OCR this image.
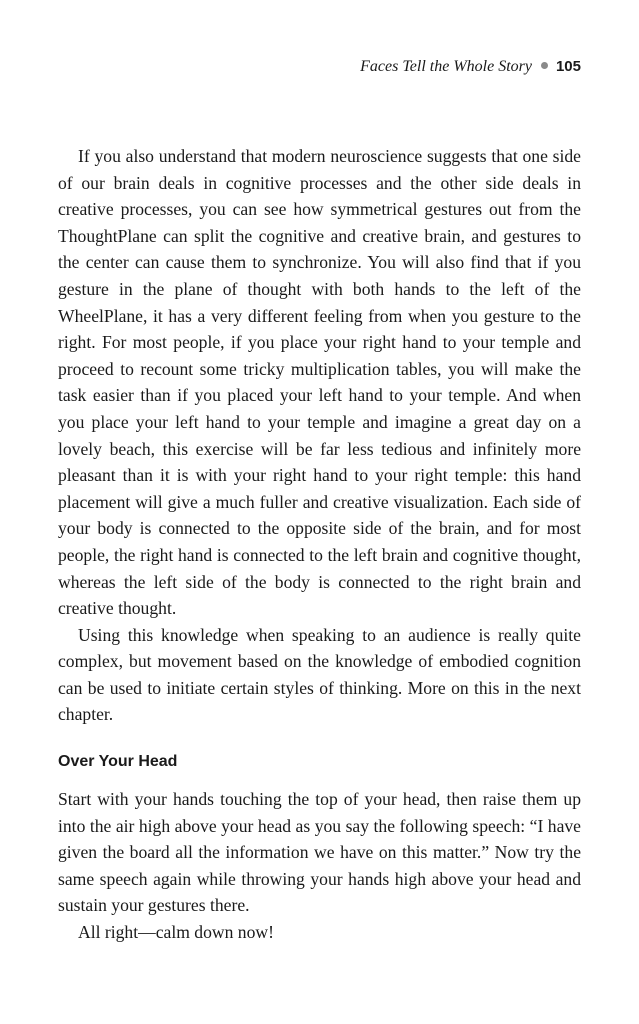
Faces Tell the Whole Story 105

If you also understand that modern neuroscience suggests that one side of our brain deals in cognitive processes and the other side deals in creative processes, you can see how symmetrical gestures out from the ThoughtPlane can split the cognitive and creative brain, and gestures to the center can cause them to synchronize. You will also find that if you gesture in the plane of thought with both hands to the left of the WheelPlane, it has a very different feeling from when you gesture to the right. For most people, if you place your right hand to your temple and proceed to recount some tricky multiplication tables, you will make the task easier than if you placed your left hand to your temple. And when you place your left hand to your temple and imagine a great day on a lovely beach, this exercise will be far less tedious and infinitely more pleasant than it is with your right hand to your right temple: this hand placement will give a much fuller and creative visualization. Each side of your body is connected to the opposite side of the brain, and for most people, the right hand is connected to the left brain and cognitive thought, whereas the left side of the body is connected to the right brain and creative thought.

Using this knowledge when speaking to an audience is really quite complex, but movement based on the knowledge of embodied cognition can be used to initiate certain styles of thinking. More on this in the next chapter.

Over Your Head

Start with your hands touching the top of your head, then raise them up into the air high above your head as you say the following speech: “I have given the board all the information we have on this matter.” Now try the same speech again while throwing your hands high above your head and sustain your gestures there.

All right—calm down now!
